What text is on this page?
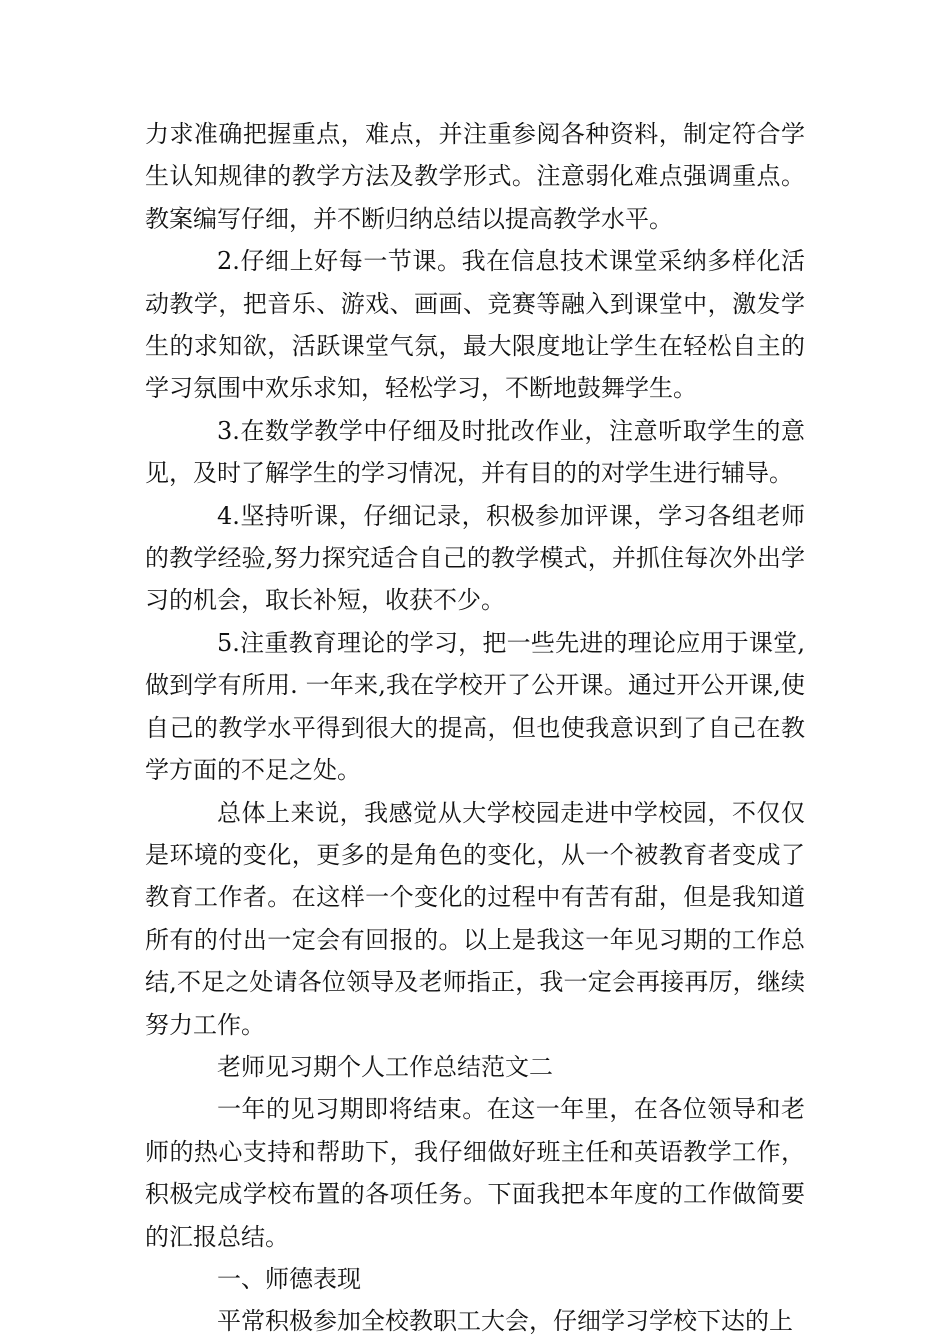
力求准确把握重点，难点，并注重参阅各种资料，制定符合学生认知规律的教学方法及教学形式。注意弱化难点强调重点。教案编写仔细，并不断归纳总结以提高教学水平。

2.仔细上好每一节课。我在信息技术课堂采纳多样化活动教学，把音乐、游戏、画画、竞赛等融入到课堂中，激发学生的求知欲，活跃课堂气氛，最大限度地让学生在轻松自主的学习氛围中欢乐求知，轻松学习，不断地鼓舞学生。

3.在数学教学中仔细及时批改作业，注意听取学生的意见，及时了解学生的学习情况，并有目的的对学生进行辅导。

4.坚持听课，仔细记录，积极参加评课，学习各组老师的教学经验,努力探究适合自己的教学模式，并抓住每次外出学习的机会，取长补短，收获不少。

5.注重教育理论的学习，把一些先进的理论应用于课堂,做到学有所用. 一年来,我在学校开了公开课。通过开公开课,使自己的教学水平得到很大的提高，但也使我意识到了自己在教学方面的不足之处。

总体上来说，我感觉从大学校园走进中学校园，不仅仅是环境的变化，更多的是角色的变化，从一个被教育者变成了教育工作者。在这样一个变化的过程中有苦有甜，但是我知道所有的付出一定会有回报的。以上是我这一年见习期的工作总结,不足之处请各位领导及老师指正，我一定会再接再厉，继续努力工作。

老师见习期个人工作总结范文二

一年的见习期即将结束。在这一年里，在各位领导和老师的热心支持和帮助下，我仔细做好班主任和英语教学工作，积极完成学校布置的各项任务。下面我把本年度的工作做简要的汇报总结。

一、师德表现

平常积极参加全校教职工大会，仔细学习学校下达的上
